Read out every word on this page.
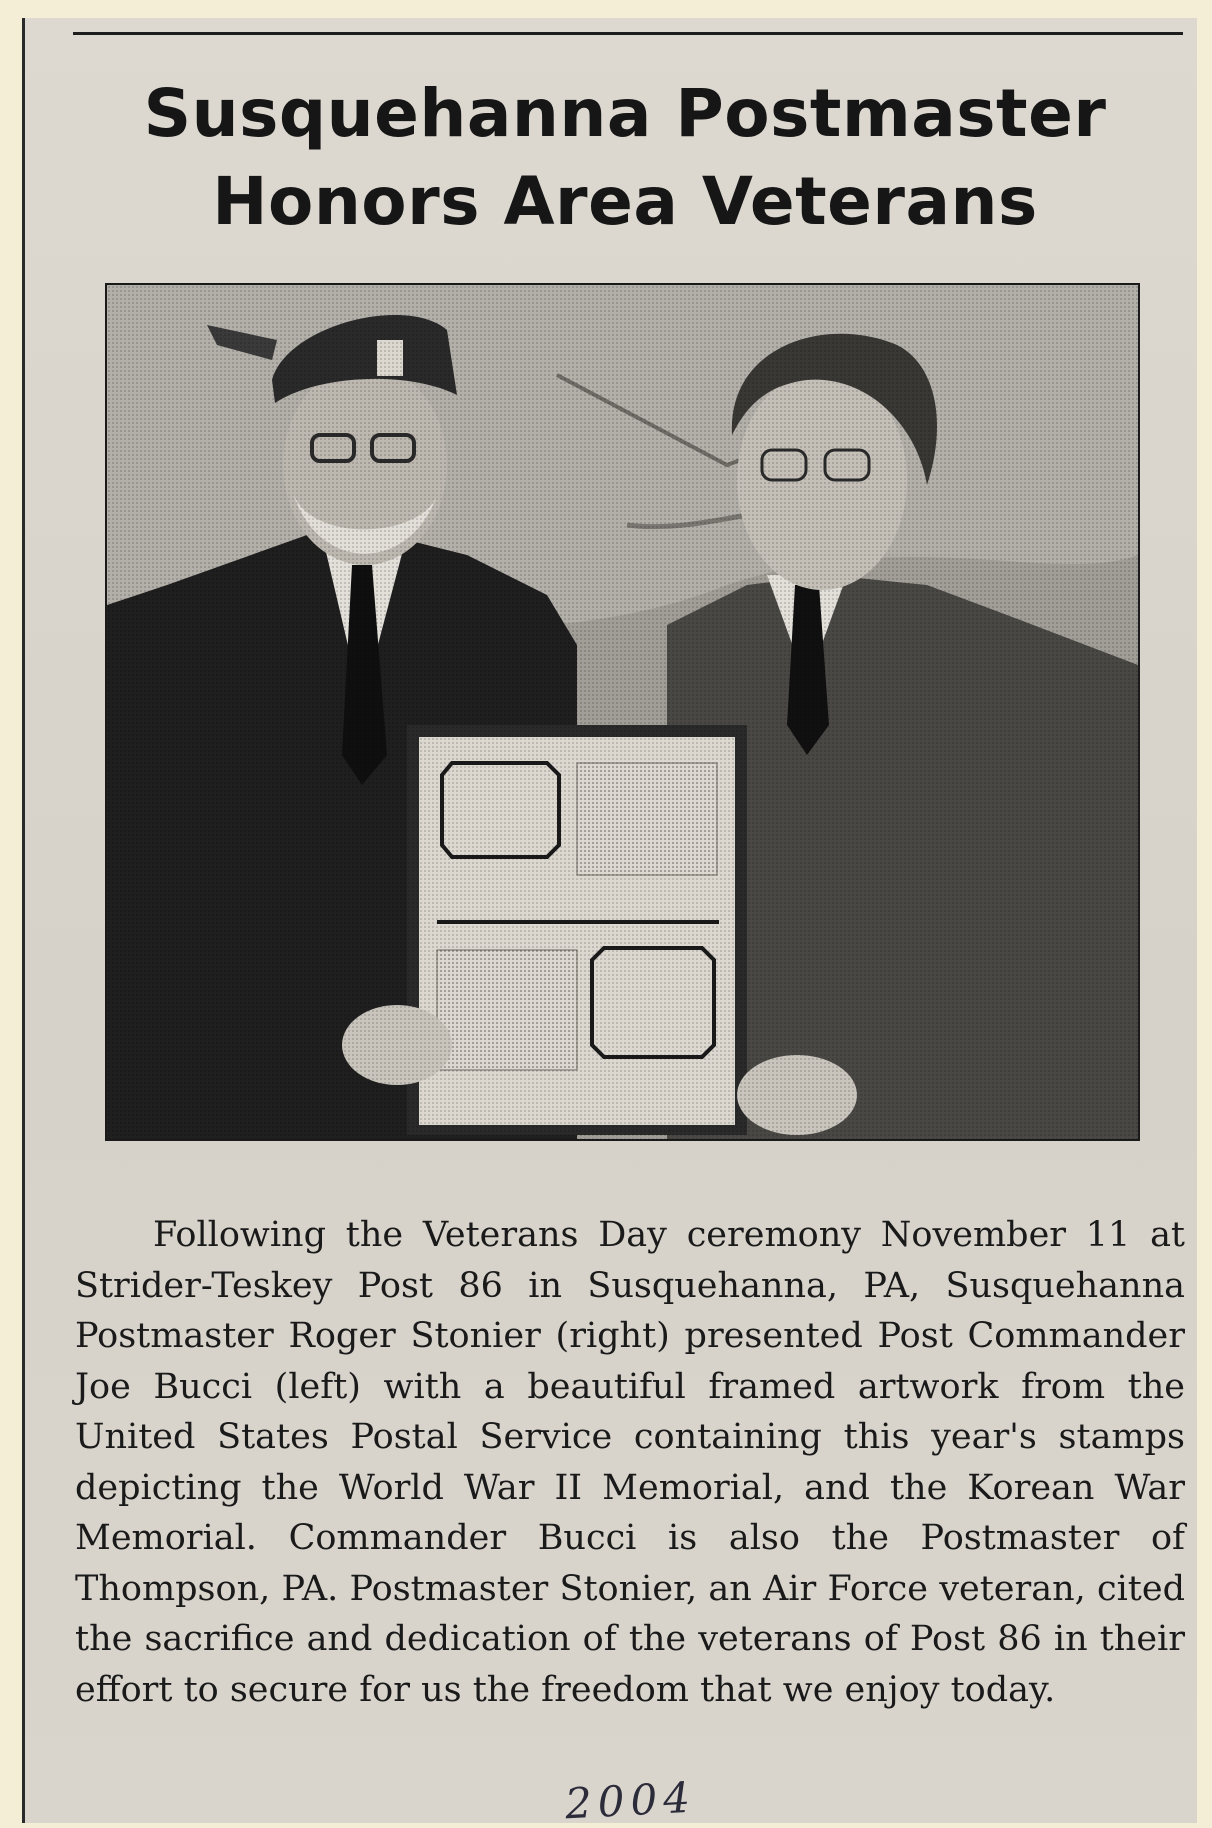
Susquehanna Postmaster
Honors Area Veterans

Following the Veterans Day ceremony November 11 at Strider-Teskey Post 86 in Susquehanna, PA, Susquehanna Postmaster Roger Stonier (right) presented Post Commander Joe Bucci (left) with a beautiful framed artwork from the United States Postal Service containing this year's stamps depicting the World War II Memorial, and the Korean War Memorial. Commander Bucci is also the Postmaster of Thompson, PA. Postmaster Stonier, an Air Force veteran, cited the sacrifice and dedication of the veterans of Post 86 in their effort to secure for us the freedom that we enjoy today.

2004
